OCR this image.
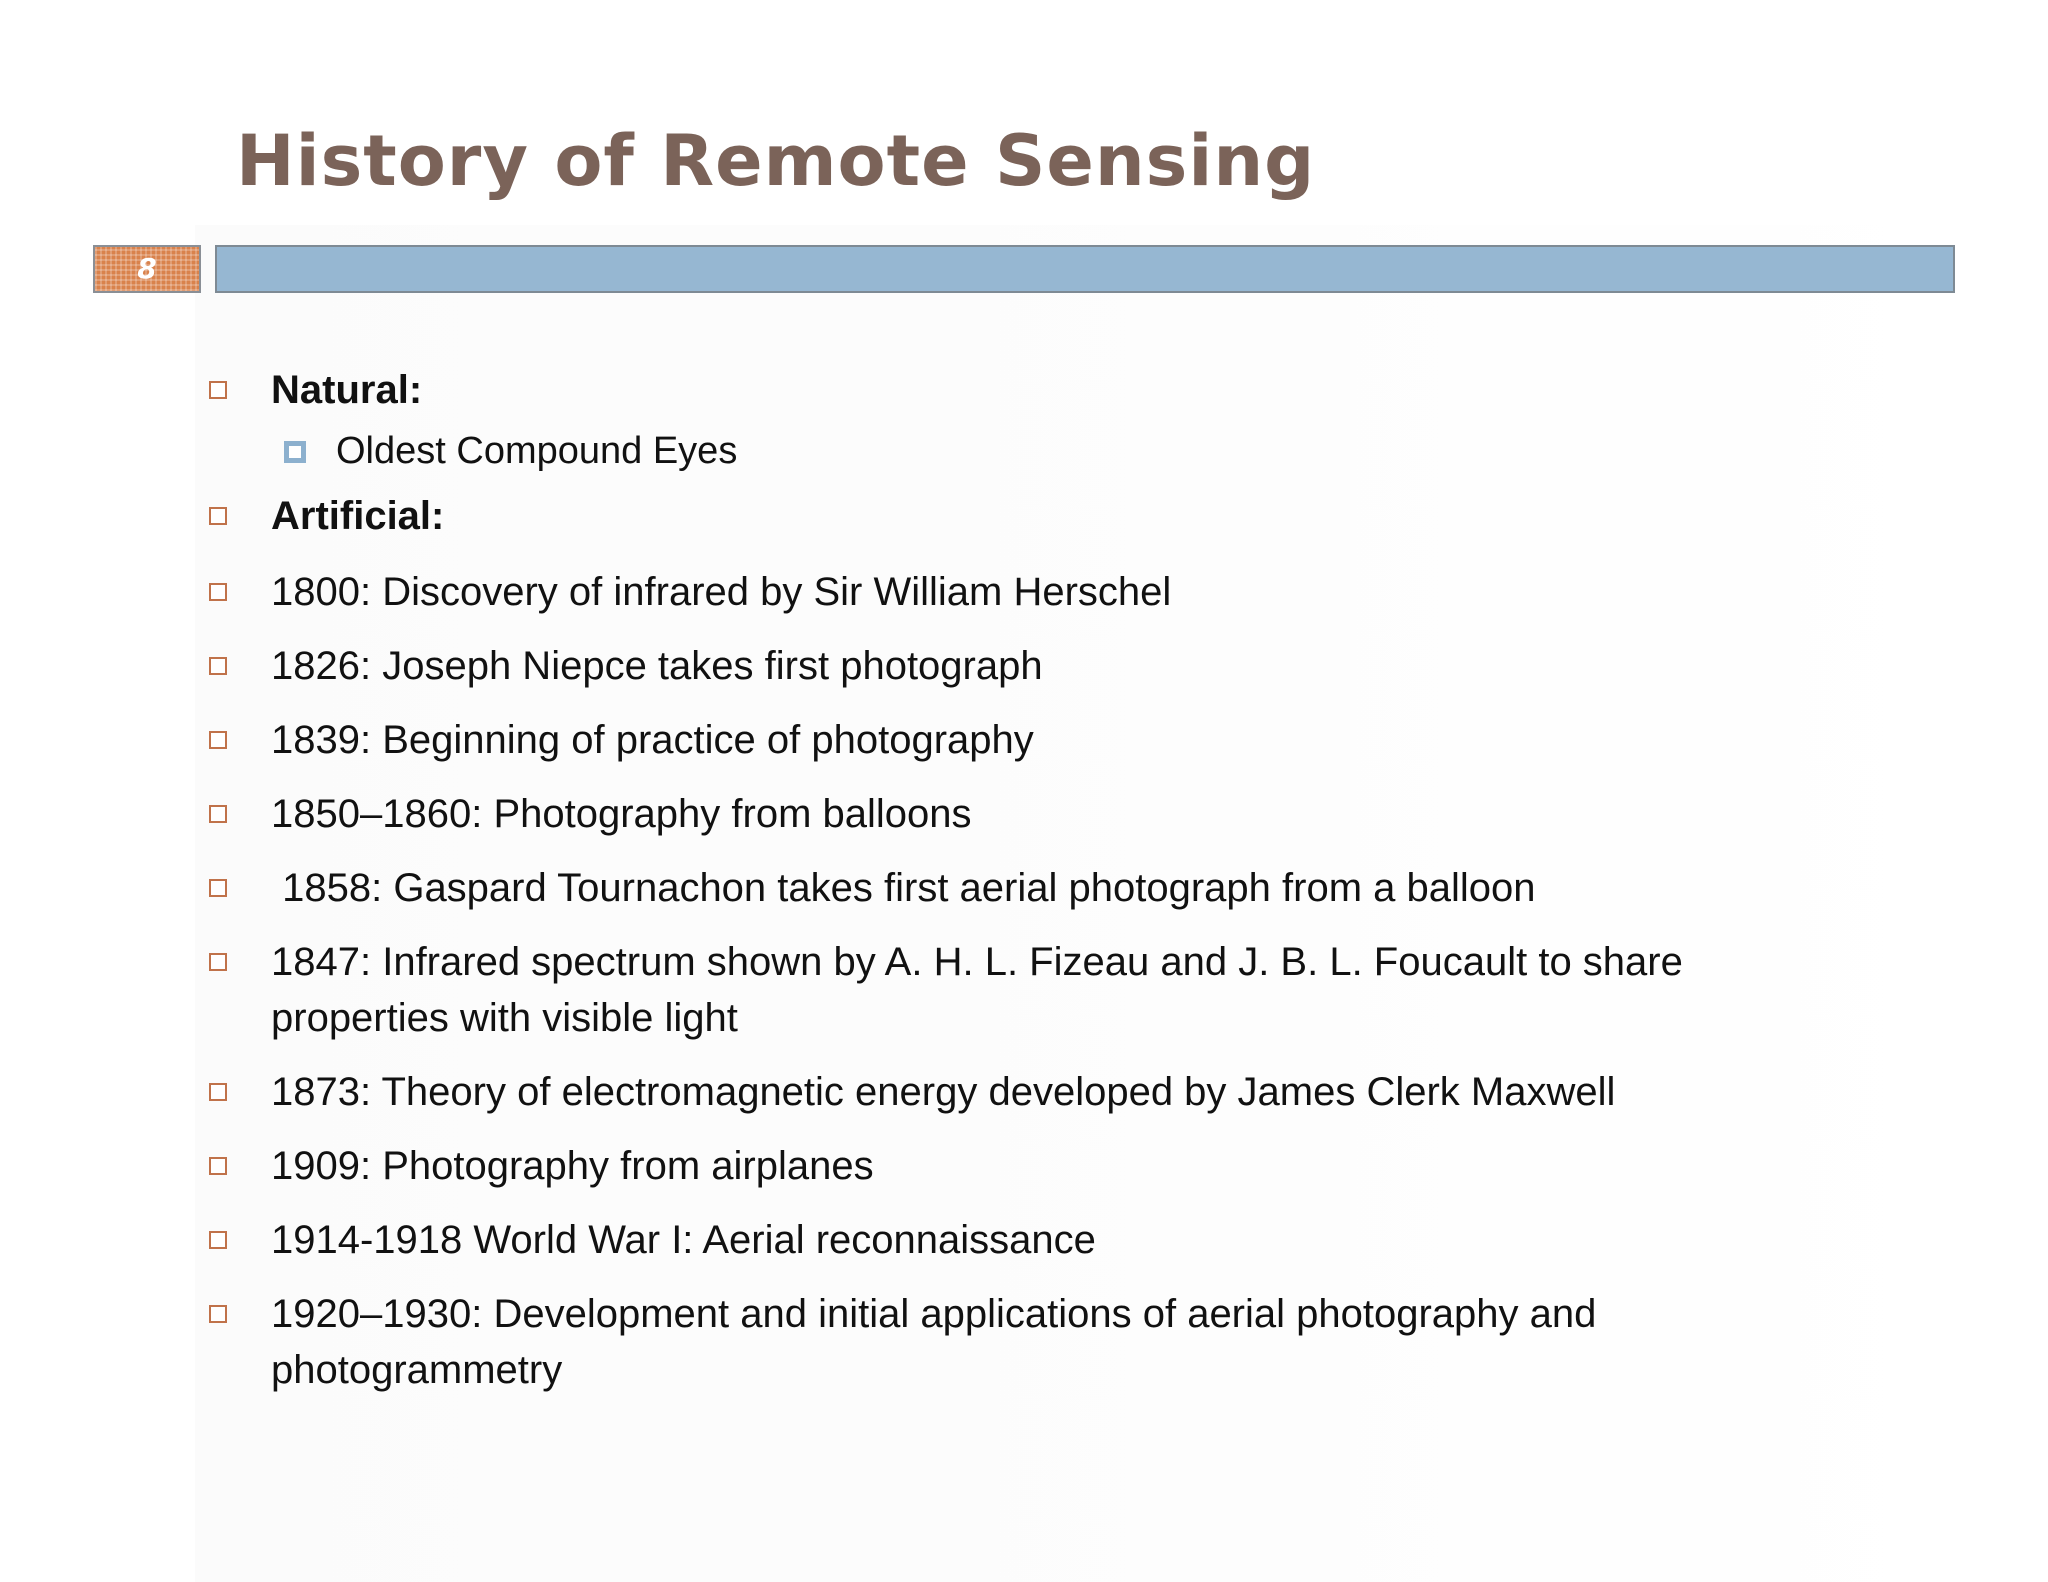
History of Remote Sensing
8
Natural:
Oldest Compound Eyes
Artificial:
1800: Discovery of infrared by Sir William Herschel
1826: Joseph Niepce takes first photograph
1839: Beginning of practice of photography
1850–1860: Photography from balloons
1858: Gaspard Tournachon takes first aerial photograph from a balloon
1847: Infrared spectrum shown by A. H. L. Fizeau and J. B. L. Foucault to share
properties with visible light
1873: Theory of electromagnetic energy developed by James Clerk Maxwell
1909: Photography from airplanes
1914-1918 World War I: Aerial reconnaissance
1920–1930: Development and initial applications of aerial photography and
photogrammetry
